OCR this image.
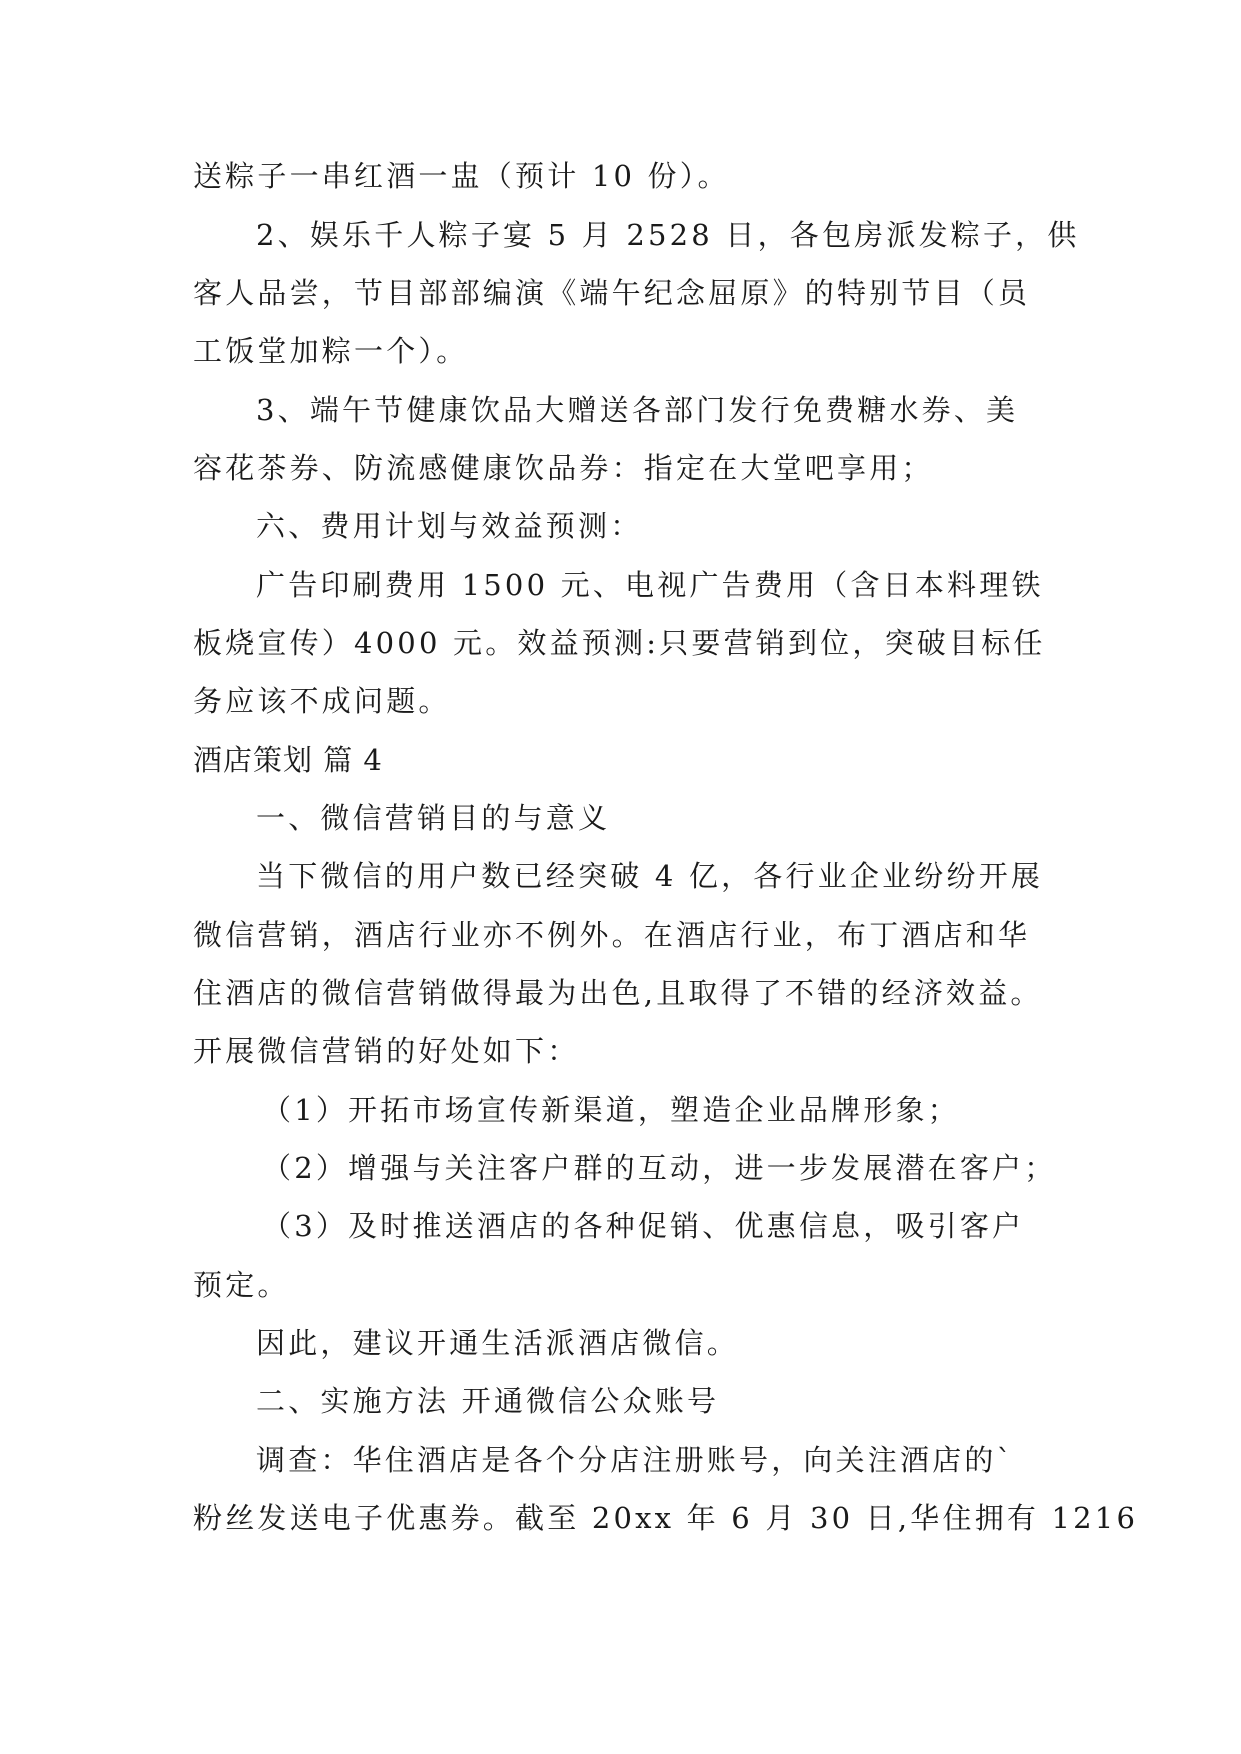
送粽子一串红酒一盅（预计 10 份）。
2、娱乐千人粽子宴 5 月 2528 日，各包房派发粽子，供
客人品尝，节目部部编演《端午纪念屈原》的特别节目（员
工饭堂加粽一个）。
3、端午节健康饮品大赠送各部门发行免费糖水券、美
容花茶券、防流感健康饮品券：指定在大堂吧享用；
六、费用计划与效益预测：
广告印刷费用 1500 元、电视广告费用（含日本料理铁
板烧宣传）4000 元。效益预测:只要营销到位，突破目标任
务应该不成问题。
酒店策划 篇 4
一、微信营销目的与意义
当下微信的用户数已经突破 4 亿，各行业企业纷纷开展
微信营销，酒店行业亦不例外。在酒店行业，布丁酒店和华
住酒店的微信营销做得最为出色,且取得了不错的经济效益。
开展微信营销的好处如下：
（1）开拓市场宣传新渠道，塑造企业品牌形象；
（2）增强与关注客户群的互动，进一步发展潜在客户；
（3）及时推送酒店的各种促销、优惠信息，吸引客户
预定。
因此，建议开通生活派酒店微信。
二、实施方法 开通微信公众账号
调查：华住酒店是各个分店注册账号，向关注酒店的`
粉丝发送电子优惠券。截至 20xx 年 6 月 30 日,华住拥有 1216
